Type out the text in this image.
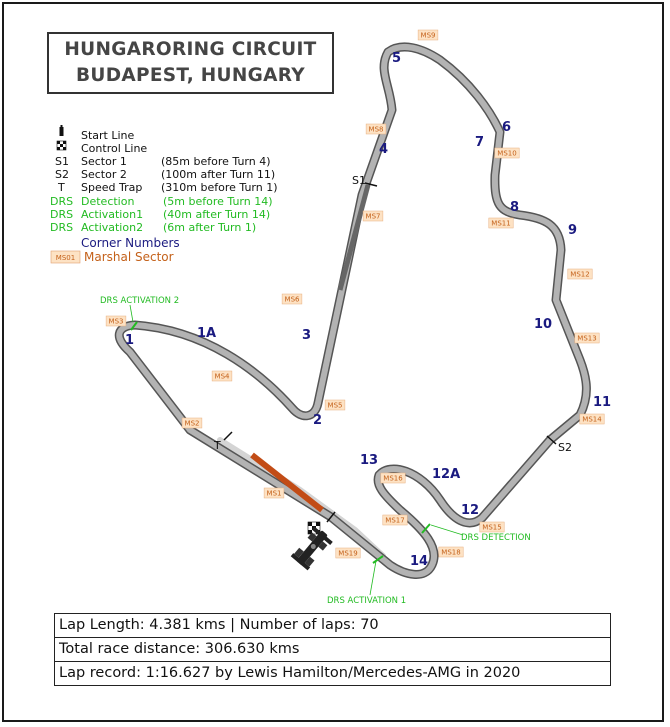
HUNGARORING CIRCUIT
BUDAPEST, HUNGARY
Start Line
Control Line
S1 Sector 1	(85m before Turn 4)
S2 Sector 2	(100m after Turn 11)
T Speed Trap (310m before Turn 1)
DRS Detection	(5m before Turn 14)
DRS Activation1 (40m after Turn 14)
DRS Activation2 (6m after Turn 1)
Corner Numbers
MS01 Marshal Sector
1	1A
2
3
4
5
6
7
8
9
10
11
12
12A
13
14
S1
S2
T
DRS ACTIVATION 2
DRS DETECTION
DRS ACTIVATION 1
MS1
MS2
MS3
MS4
MS5
MS6
MS7
MS8
MS9
MS10
MS11
MS12
MS13
MS14
MS15
MS16
MS17
MS18
MS19
Lap Length: 4.381 kms | Number of laps: 70
Total race distance: 306.630 kms
Lap record: 1:16.627 by Lewis Hamilton/Mercedes-AMG in 2020
